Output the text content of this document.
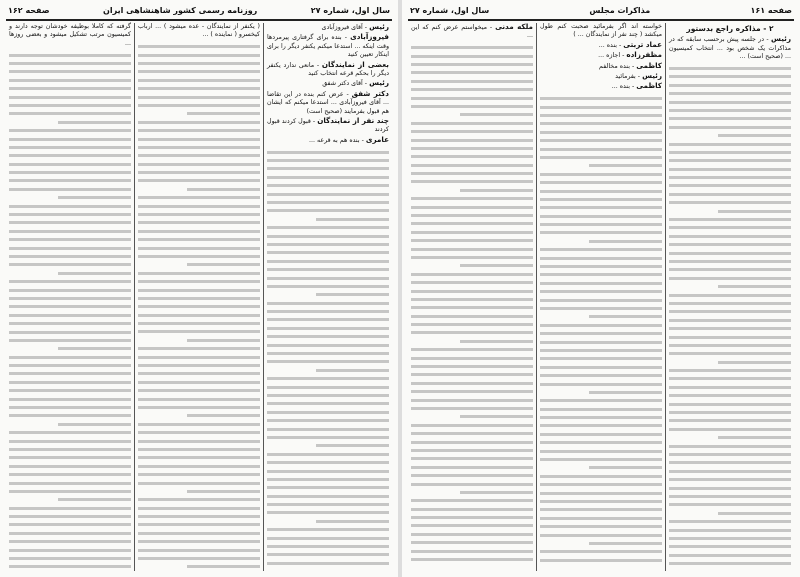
سال اول، شماره ۲۷
روزنامه رسمی کشور شاهنشاهی ایران
صفحه ۱۶۲

رئیس - آقای فیروزآبادی

فیروزآبادی - بنده برای گرفتاری پیرمرد‌ها وقت اینکه ... استدعا میکنم یکنفر دیگر را برای اینکار تعیین کنید

بعضی از نمایندگان - مانعی ندارد یکنفر دیگر را بحکم قرعه انتخاب کنید

رئیس - آقای دکتر شفق

دکتر شفق - عرض کنم بنده در این تقاضا ... آقای فیروزآبادی ... استدعا میکنم که ایشان هم قبول بفرمایند (صحیح است)

چند نفر از نمایندگان - قبول کردند قبول کردند

عامری - بنده هم به قرعه ...

( یکنفر از نمایندگان - عده میشود ) ... ارباب کیخسرو ( نماینده ) ...

گرفته که کاملا بوظیفه خودشان توجه دارند و کمیسیون مرتب تشکیل میشود و بعضی روزها ...

صفحه ۱۶۱
مذاکرات مجلس
سال اول، شماره ۲۷
۲ - مذاکره راجع بدستور

رئیس - در جلسه پیش برحسب سابقه که در مذاکرات یک شخص بود ... انتخاب کمیسیون ... (صحیح است) ...

خواسته‌ اند اگر بفرمائید صحبت کنم طول میکشد ( چند نفر از نمایندگان ... )

عماد تربتی - بنده ...

مظفرزاده - اجازه ...

کاظمی - بنده مخالفم

رئیس - بفرمائید

کاظمی - بنده ...

ملکه مدنی - میخواستم عرض کنم که این ...
